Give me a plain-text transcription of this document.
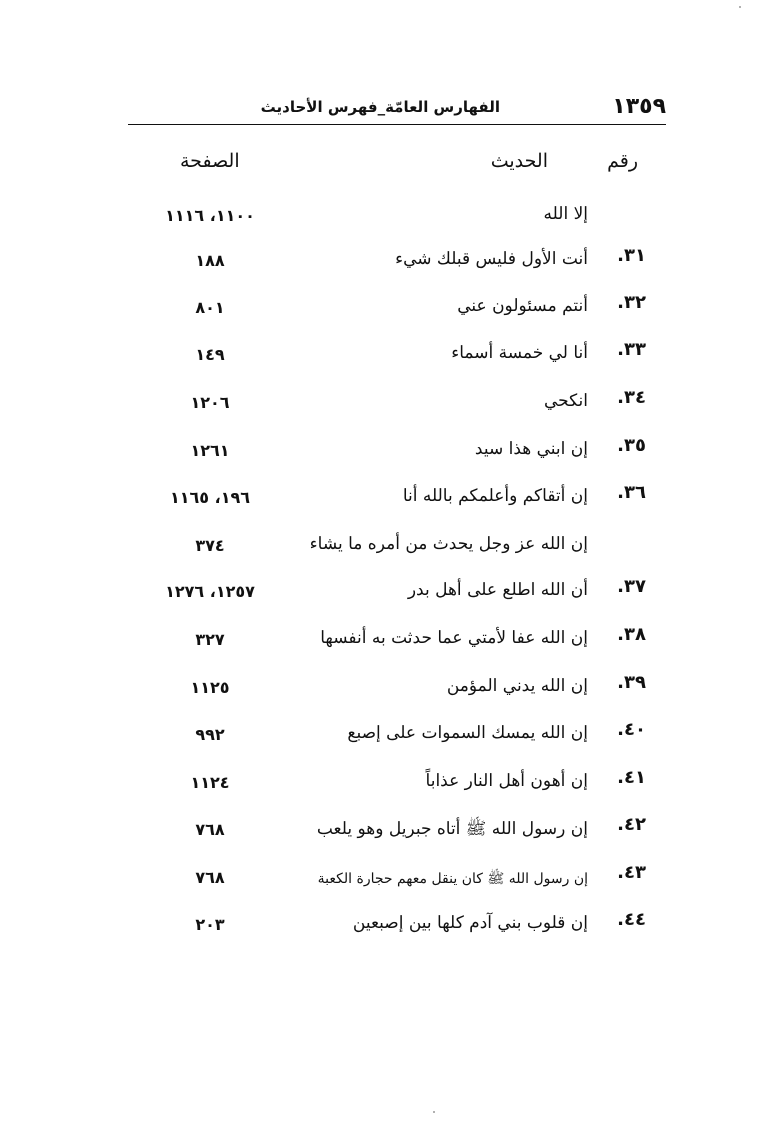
١٣٥٩
الفهارس العامّة_فهرس الأحاديث
رقم
الحديث
الصفحة
إلا الله
١١٠٠، ١١١٦
٣١.
أنت الأول فليس قبلك شيء
١٨٨
٣٢.
أنتم مسئولون عني
٨٠١
٣٣.
أنا لي خمسة أسماء
١٤٩
٣٤.
انكحي
١٢٠٦
٣٥.
إن ابني هذا سيد
١٢٦١
٣٦.
إن أتقاكم وأعلمكم بالله أنا
١٩٦، ١١٦٥
إن الله عز وجل يحدث من أمره ما يشاء
٣٧٤
٣٧.
أن الله اطلع على أهل بدر
١٢٥٧، ١٢٧٦
٣٨.
إن الله عفا لأمتي عما حدثت به أنفسها
٣٢٧
٣٩.
إن الله يدني المؤمن
١١٢٥
٤٠.
إن الله يمسك السموات على إصبع
٩٩٢
٤١.
إن أهون أهل النار عذاباً
١١٢٤
٤٢.
إن رسول الله ﷺ أتاه جبريل وهو يلعب
٧٦٨
٤٣.
إن رسول الله ﷺ كان ينقل معهم حجارة الكعبة
٧٦٨
٤٤.
إن قلوب بني آدم كلها بين إصبعين
٢٠٣
